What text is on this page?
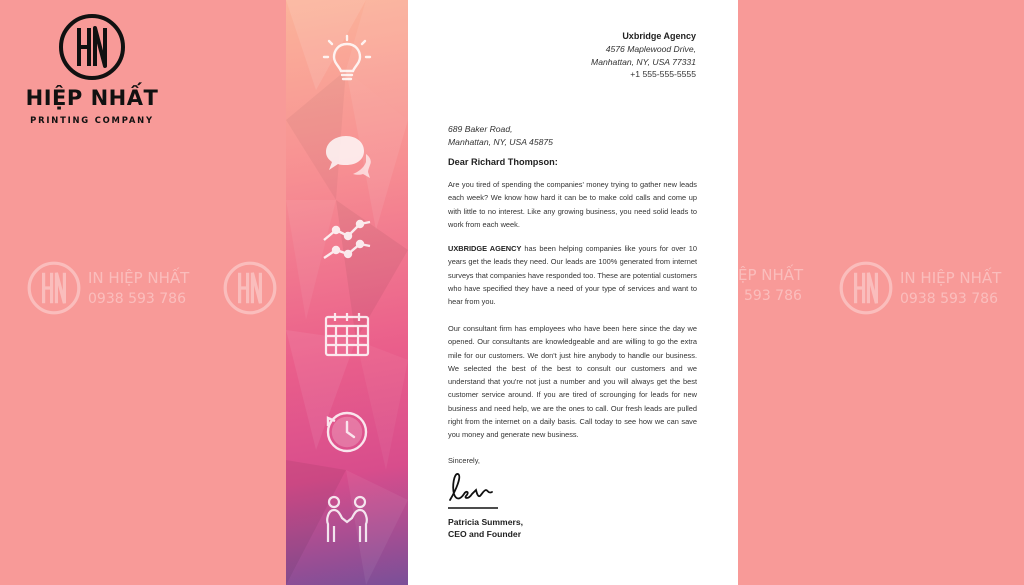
HIỆP NHẤT
PRINTING COMPANY
IN HIỆP NHẤT
0938 593 786
ỆP NHẤT
593 786
IN HIỆP NHẤT
0938 593 786
Uxbridge Agency
4576 Maplewood Drive,
Manhattan, NY, USA 77331
+1 555-555-5555
689 Baker Road,
Manhattan, NY, USA 45875
Dear Richard Thompson:
Are you tired of spending the companies' money trying to gather new leads each week? We know how hard it can be to make cold calls and come up with little to no interest. Like any growing business, you need solid leads to work from each week.
UXBRIDGE AGENCY has been helping companies like yours for over 10 years get the leads they need. Our leads are 100% generated from internet surveys that companies have responded too. These are potential customers who have specified they have a need of your type of services and want to hear from you.
Our consultant firm has employees who have been here since the day we opened. Our consultants are knowledgeable and are willing to go the extra mile for our customers. We don't just hire anybody to handle our business. We selected the best of the best to consult our customers and we understand that you're not just a number and you will always get the best customer service around. If you are tired of scrounging for leads for new business and need help, we are the ones to call. Our fresh leads are pulled right from the internet on a daily basis. Call today to see how we can save you money and generate new business.
Sincerely,
Patricia Summers,
CEO and Founder
